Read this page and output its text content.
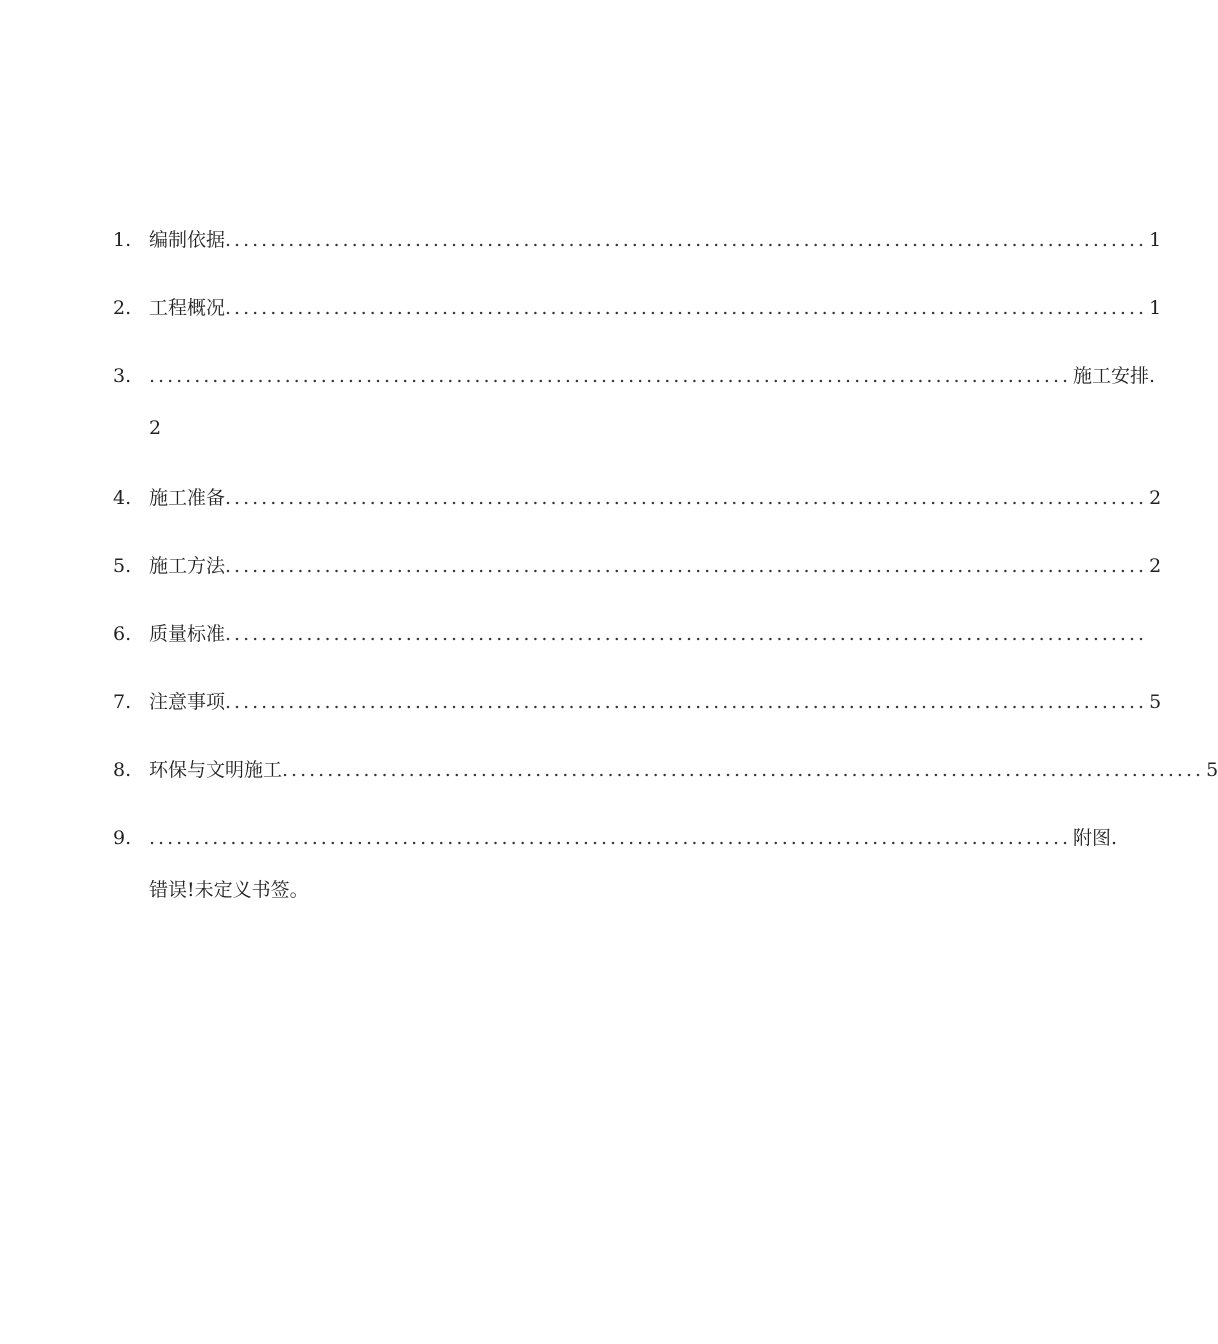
1. 编制依据 ...................................................................................................... 1
2. 工程概况 ...................................................................................................... 1
3. ...................................................................................................... 施工安排.
2
4. 施工准备 ...................................................................................................... 2
5. 施工方法 ...................................................................................................... 2
6. 质量标准 ......................................................................................................
7. 注意事项 ...................................................................................................... 5
8. 环保与文明施工 ...................................................................................................... 5
9. ...................................................................................................... 附图.
错误!未定义书签。
